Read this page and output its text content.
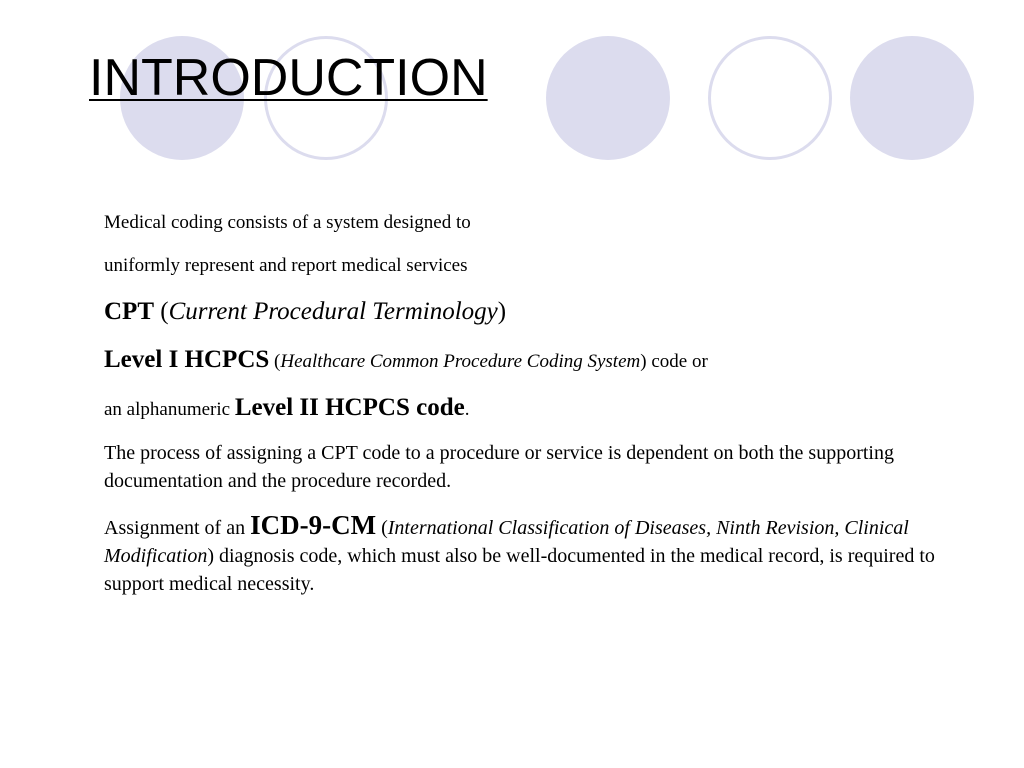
INTRODUCTION

Medical coding consists of a system designed to

uniformly represent and report medical services

CPT (Current Procedural Terminology)

Level I HCPCS (Healthcare Common Procedure Coding System) code or

an alphanumeric Level II HCPCS code.

The process of assigning a CPT code to a procedure or service is dependent on both the supporting documentation and the procedure recorded.

Assignment of an ICD-9-CM (International Classification of Diseases, Ninth Revision, Clinical Modification) diagnosis code, which must also be well-documented in the medical record, is required to support medical necessity.
